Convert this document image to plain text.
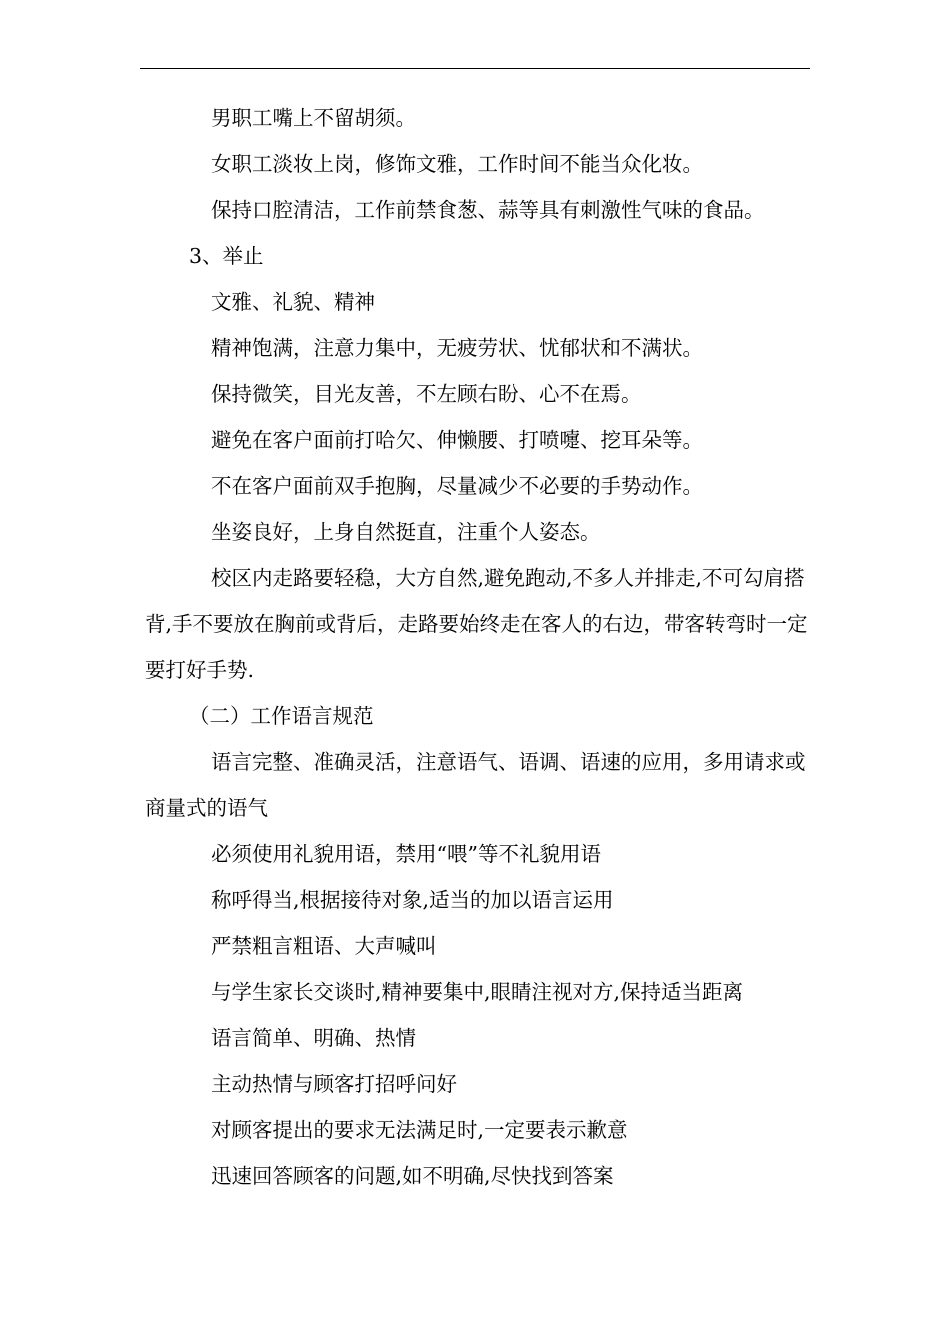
男职工嘴上不留胡须。

女职工淡妆上岗，修饰文雅，工作时间不能当众化妆。

保持口腔清洁，工作前禁食葱、蒜等具有刺激性气味的食品。

3、举止

文雅、礼貌、精神

精神饱满，注意力集中，无疲劳状、忧郁状和不满状。

保持微笑，目光友善，不左顾右盼、心不在焉。

避免在客户面前打哈欠、伸懒腰、打喷嚏、挖耳朵等。

不在客户面前双手抱胸，尽量减少不必要的手势动作。

坐姿良好，上身自然挺直，注重个人姿态。

校区内走路要轻稳，大方自然,避免跑动,不多人并排走,不可勾肩搭背,手不要放在胸前或背后，走路要始终走在客人的右边，带客转弯时一定要打好手势.

（二）工作语言规范

语言完整、准确灵活，注意语气、语调、语速的应用，多用请求或商量式的语气

必须使用礼貌用语，禁用“喂”等不礼貌用语

称呼得当,根据接待对象,适当的加以语言运用

严禁粗言粗语、大声喊叫

与学生家长交谈时,精神要集中,眼睛注视对方,保持适当距离

语言简单、明确、热情

主动热情与顾客打招呼问好

对顾客提出的要求无法满足时,一定要表示歉意

迅速回答顾客的问题,如不明确,尽快找到答案
